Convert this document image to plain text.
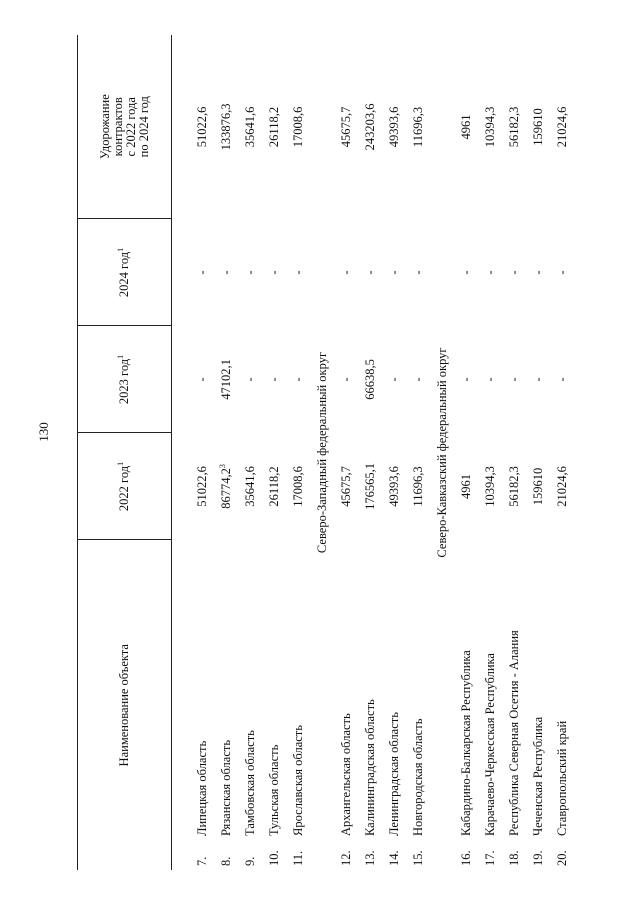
130
Наименование объекта		2022 год$^1$	2023 год$^1$	2024 год$^1$	Удорожание контрактов с 2022 года по 2024 год

7.	Липецкая область	51022,6	-	-	51022,6
8.	Рязанская область	86774,2$^3$	47102,1	-	133876,3
9.	Тамбовская область	35641,6	-	-	35641,6
10.	Тульская область	26118,2	-	-	26118,2
11.	Ярославская область	17008,6	-	-	17008,6
Северо-Западный федеральный округ					
12.	Архангельская область	45675,7	-	-	45675,7
13.	Калининградская область	176565,1	66638,5	-	243203,6
14.	Ленинградская область	49393,6	-	-	49393,6
15.	Новгородская область	11696,3	-	-	11696,3
Северо-Кавказский федеральный округ					
16.	Кабардино-Балкарская Республика	4961	-	-	4961
17.	Карачаево-Черкесская Республика	10394,3	-	-	10394,3
18.	Республика Северная Осетия - Алания	56182,3	-	-	56182,3
19.	Чеченская Республика	159610	-	-	159610
20.	Ставропольский край	21024,6	-	-	21024,6
